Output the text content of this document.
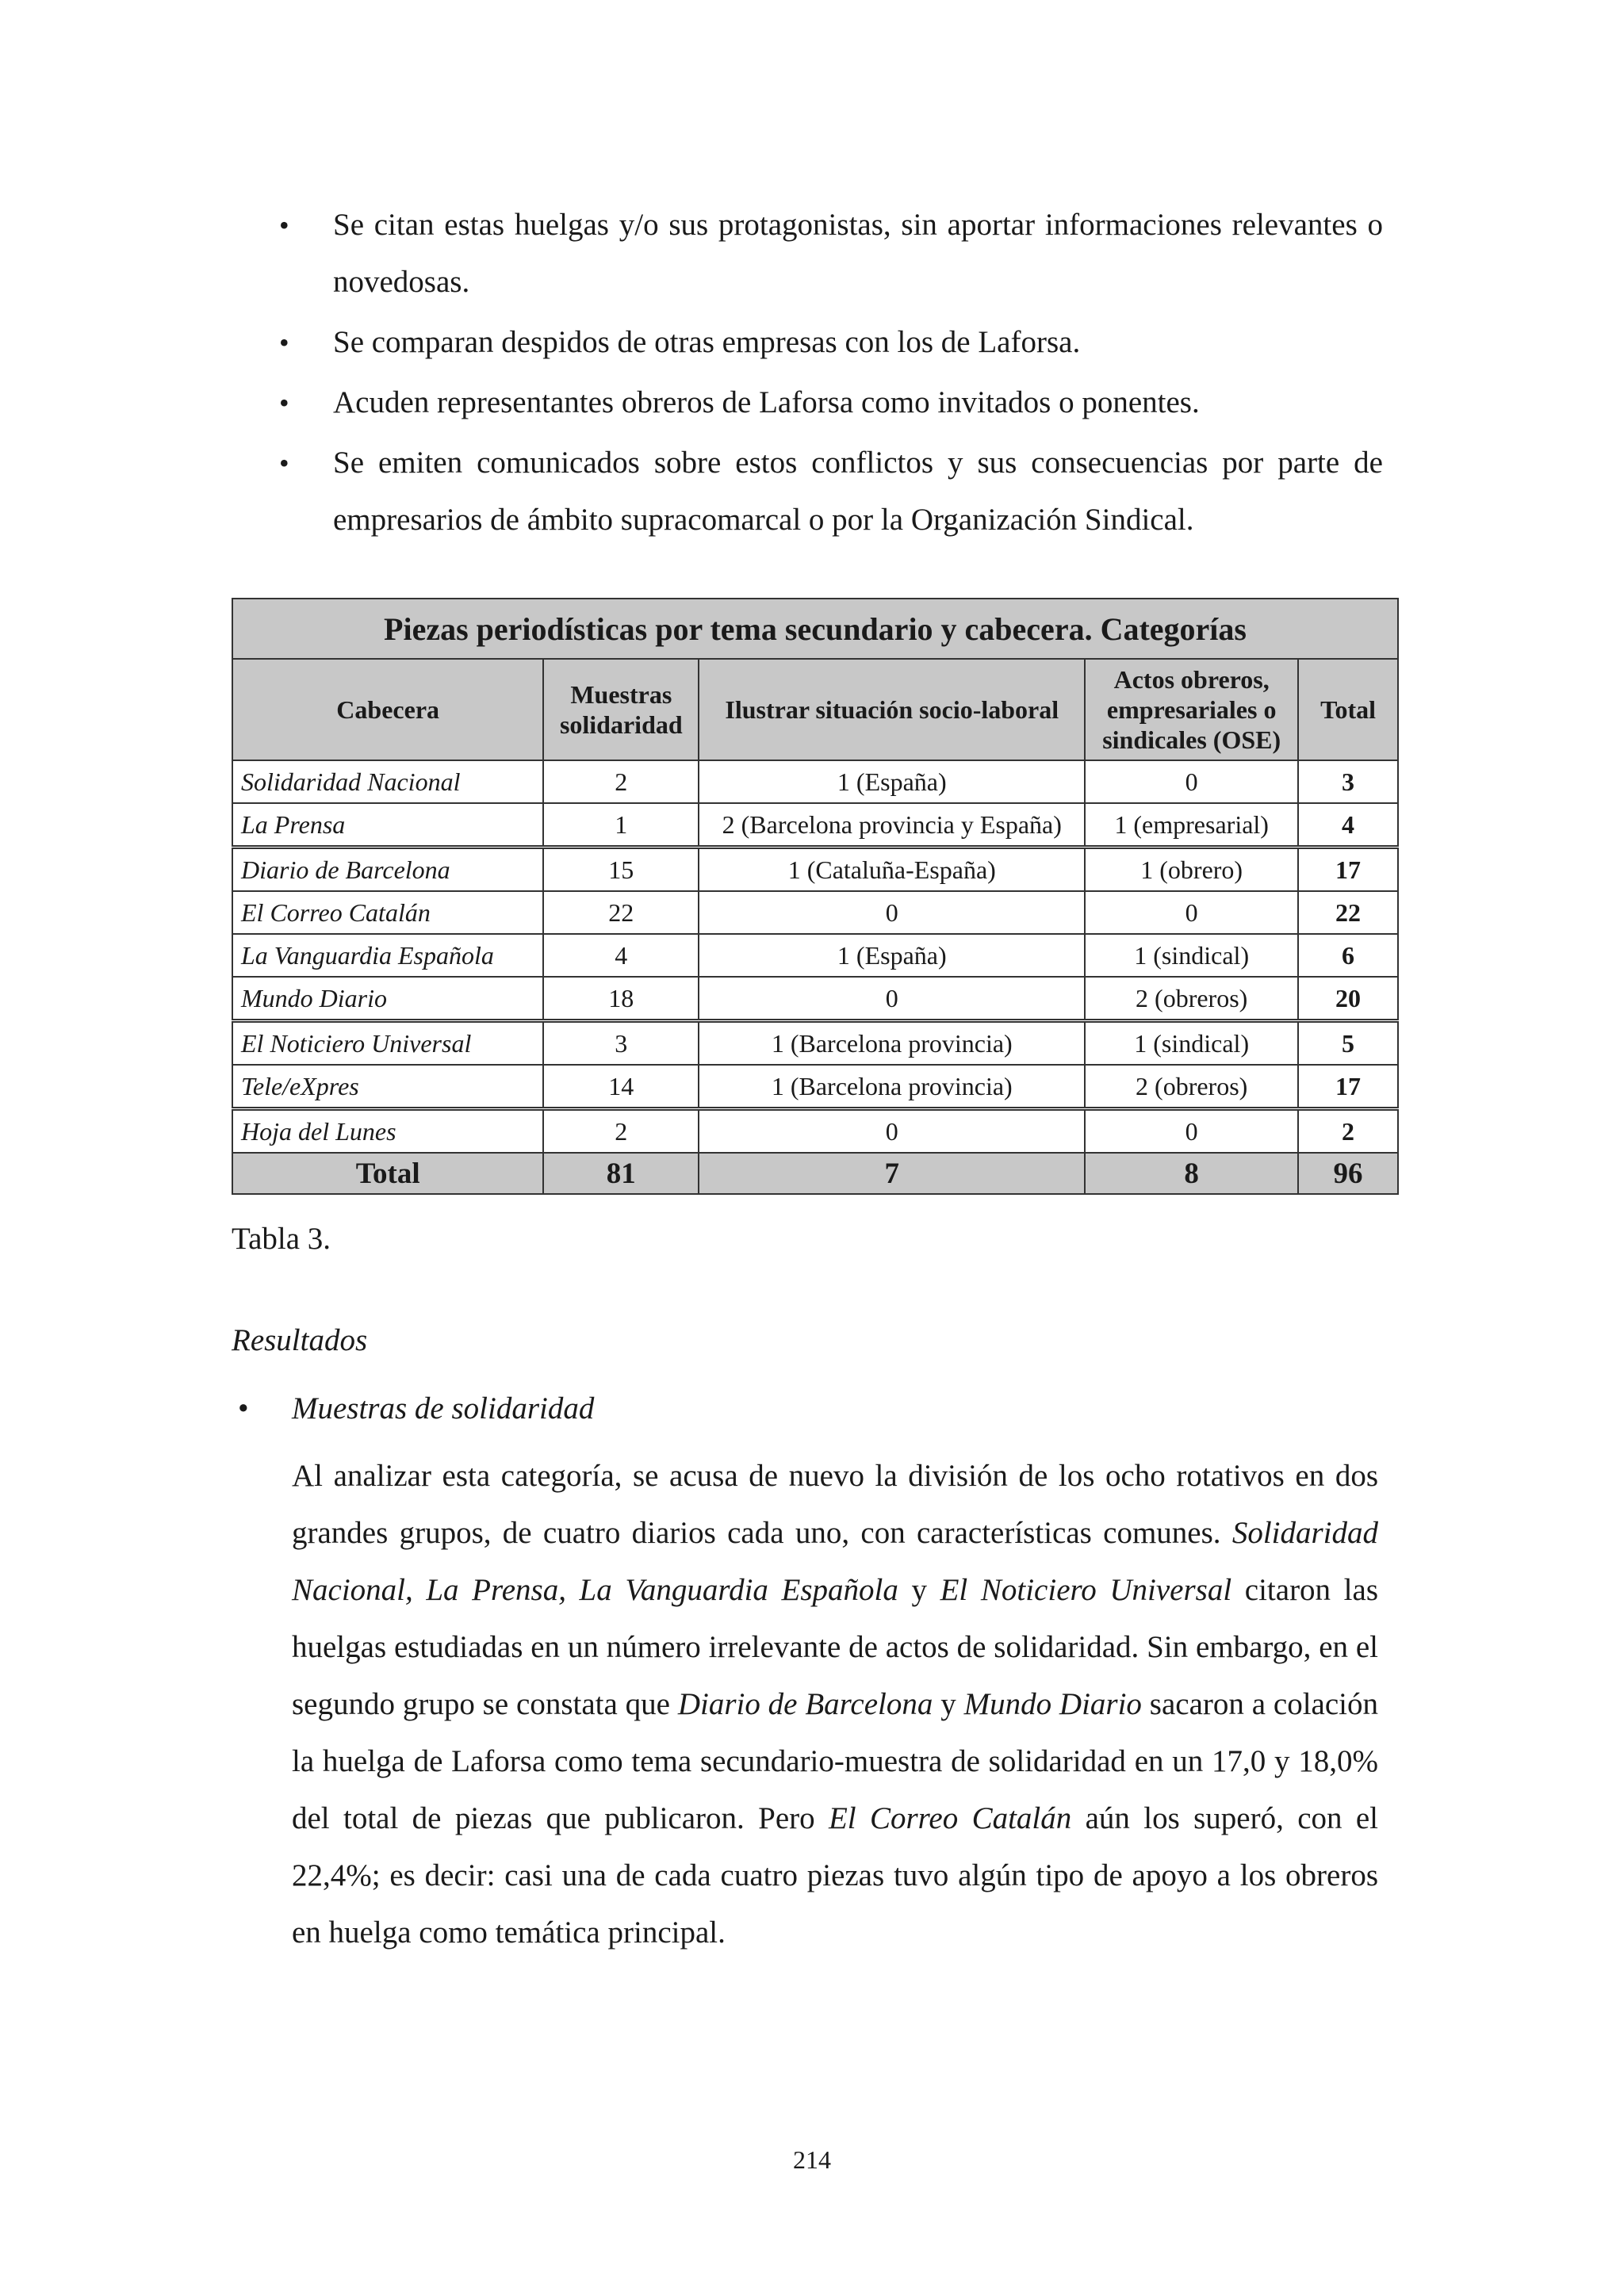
• Se citan estas huelgas y/o sus protagonistas, sin aportar informaciones relevantes o novedosas.
• Se comparan despidos de otras empresas con los de Laforsa.
• Acuden representantes obreros de Laforsa como invitados o ponentes.
• Se emiten comunicados sobre estos conflictos y sus consecuencias por parte de empresarios de ámbito supracomarcal o por la Organización Sindical.
Piezas periodísticas por tema secundario y cabecera. Categorías				
Cabecera	Muestras solidaridad	Ilustrar situación socio-laboral	Actos obreros, empresariales o sindicales (OSE)	Total
Solidaridad Nacional	2	1 (España)	0	3
La Prensa	1	2 (Barcelona provincia y España)	1 (empresarial)	4
Diario de Barcelona	15	1 (Cataluña-España)	1 (obrero)	17
El Correo Catalán	22	0	0	22
La Vanguardia Española	4	1 (España)	1 (sindical)	6
Mundo Diario	18	0	2 (obreros)	20
El Noticiero Universal	3	1 (Barcelona provincia)	1 (sindical)	5
Tele/eXpres	14	1 (Barcelona provincia)	2 (obreros)	17
Hoja del Lunes	2	0	0	2
Total	81	7	8	96
Tabla 3.
Resultados
• Muestras de solidaridad

Al analizar esta categoría, se acusa de nuevo la división de los ocho rotativos en dos grandes grupos, de cuatro diarios cada uno, con características comunes. Solidaridad Nacional, La Prensa, La Vanguardia Española y El Noticiero Universal citaron las huelgas estudiadas en un número irrelevante de actos de solidaridad. Sin embargo, en el segundo grupo se constata que Diario de Barcelona y Mundo Diario sacaron a colación la huelga de Laforsa como tema secundario-muestra de solidaridad en un 17,0 y 18,0% del total de piezas que publicaron. Pero El Correo Catalán aún los superó, con el 22,4%; es decir: casi una de cada cuatro piezas tuvo algún tipo de apoyo a los obreros en huelga como temática principal.

214
